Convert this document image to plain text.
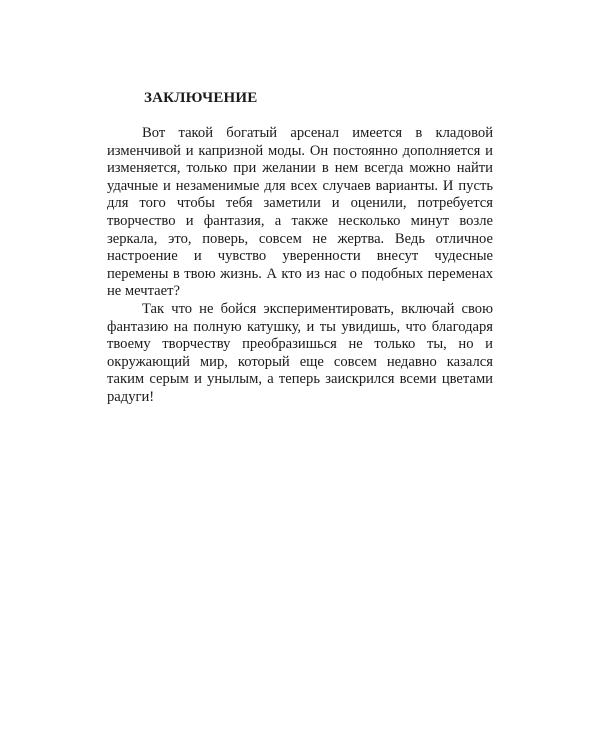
ЗАКЛЮЧЕНИЕ

Вот такой богатый арсенал имеется в кладовой изменчивой и капризной моды. Он постоянно дополняется и изменяется, только при желании в нем всегда можно найти удачные и незаменимые для всех случаев варианты. И пусть для того чтобы тебя заметили и оценили, потребуется творчество и фантазия, а также несколько минут возле зеркала, это, поверь, совсем не жертва. Ведь отличное настроение и чувство уверенности внесут чудесные перемены в твою жизнь. А кто из нас о подобных переменах не мечтает?

Так что не бойся экспериментировать, включай свою фантазию на полную катушку, и ты увидишь, что благодаря твоему творчеству преобразишься не только ты, но и окружающий мир, который еще совсем недавно казался таким серым и унылым, а теперь заискрился всеми цветами радуги!
